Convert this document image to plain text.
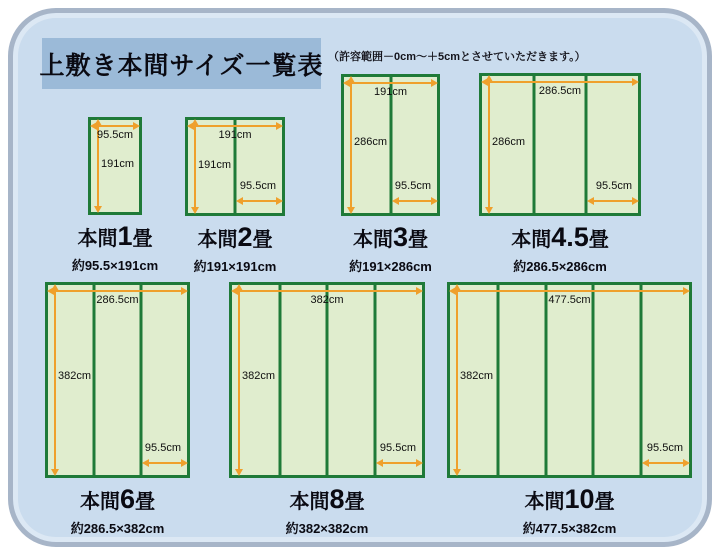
上敷き本間サイズ一覧表 （許容範囲－0cm～＋5cmとさせていただきます。）
95.5cm
191cm
本間1畳
約95.5×191cm
191cm
191cm
95.5cm
本間2畳
約191×191cm
191cm
286cm
95.5cm
本間3畳
約191×286cm
286.5cm
286cm
95.5cm
本間4.5畳
約286.5×286cm
286.5cm
382cm
95.5cm
本間6畳
約286.5×382cm
382cm
382cm
95.5cm
本間8畳
約382×382cm
477.5cm
382cm
95.5cm
本間10畳
約477.5×382cm
